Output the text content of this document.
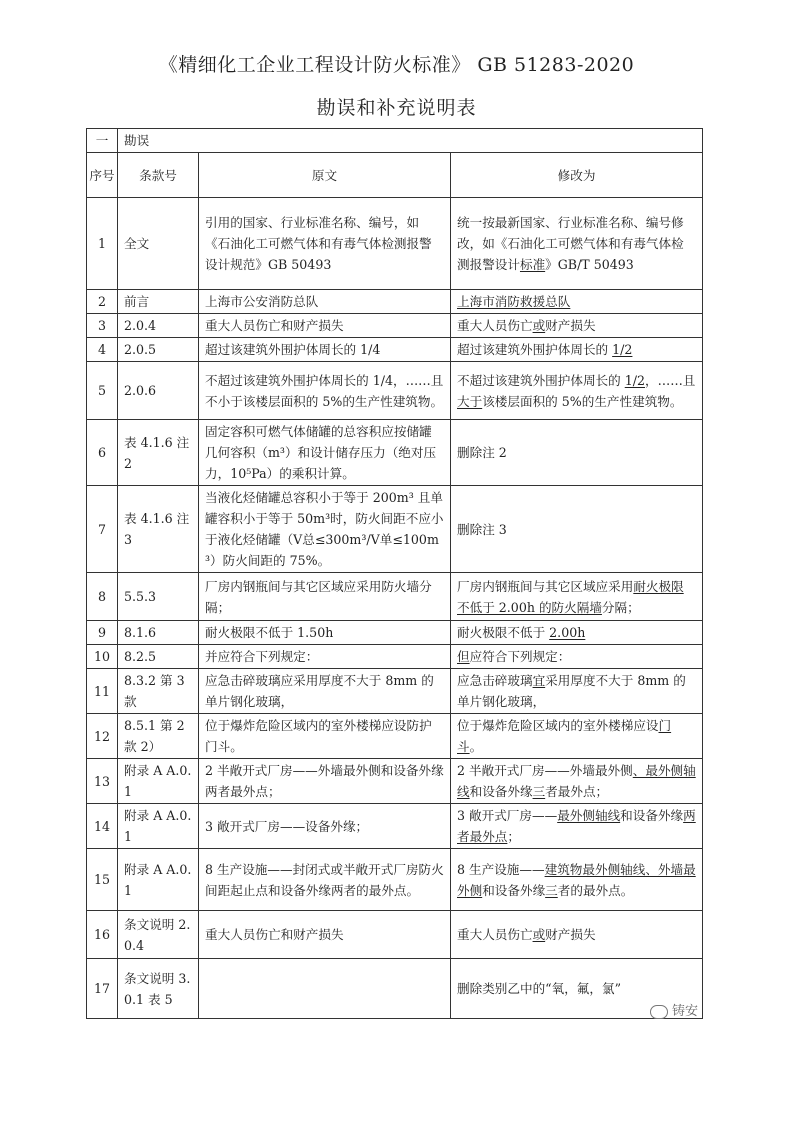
《精细化工企业工程设计防火标准》 GB 51283-2020
勘误和补充说明表
一	勘误		
序号	条款号	原文	修改为
1	全文	引用的国家、行业标准名称、编号，如《石油化工可燃气体和有毒气体检测报警设计规范》GB 50493	统一按最新国家、行业标准名称、编号修改，如《石油化工可燃气体和有毒气体检测报警设计标准》GB/T 50493
2	前言	上海市公安消防总队	上海市消防救援总队
3	2.0.4	重大人员伤亡和财产损失	重大人员伤亡或财产损失
4	2.0.5	超过该建筑外围护体周长的 1/4	超过该建筑外围护体周长的 1/2
5	2.0.6	不超过该建筑外围护体周长的 1/4，……且不小于该楼层面积的 5%的生产性建筑物。	不超过该建筑外围护体周长的 1/2，……且大于该楼层面积的 5%的生产性建筑物。
6	表 4.1.6 注 2	固定容积可燃气体储罐的总容积应按储罐几何容积（m³）和设计储存压力（绝对压力，10⁵Pa）的乘积计算。	删除注 2
7	表 4.1.6 注 3	当液化烃储罐总容积小于等于 200m³ 且单罐容积小于等于 50m³时，防火间距不应小于液化烃储罐（V总≤300m³/V单≤100m³）防火间距的 75%。	删除注 3
8	5.5.3	厂房内钢瓶间与其它区域应采用防火墙分隔；	厂房内钢瓶间与其它区域应采用耐火极限不低于 2.00h 的防火隔墙分隔；
9	8.1.6	耐火极限不低于 1.50h	耐火极限不低于 2.00h
10	8.2.5	并应符合下列规定：	但应符合下列规定：
11	8.3.2 第 3 款	应急击碎玻璃应采用厚度不大于 8mm 的单片钢化玻璃，	应急击碎玻璃宜采用厚度不大于 8mm 的单片钢化玻璃，
12	8.5.1 第 2 款 2）	位于爆炸危险区域内的室外楼梯应设防护门斗。	位于爆炸危险区域内的室外楼梯应设门斗。
13	附录 A A.0.1	2 半敞开式厂房——外墙最外侧和设备外缘两者最外点；	2 半敞开式厂房——外墙最外侧、最外侧轴线和设备外缘三者最外点；
14	附录 A A.0.1	3 敞开式厂房——设备外缘；	3 敞开式厂房——最外侧轴线和设备外缘两者最外点；
15	附录 A A.0.1	8 生产设施——封闭式或半敞开式厂房防火间距起止点和设备外缘两者的最外点。	8 生产设施——建筑物最外侧轴线、外墙最外侧和设备外缘三者的最外点。
16	条文说明 2.0.4	重大人员伤亡和财产损失	重大人员伤亡或财产损失
17	条文说明 3.0.1 表 5		删除类别乙中的“氧，氟，氯”
铸安
